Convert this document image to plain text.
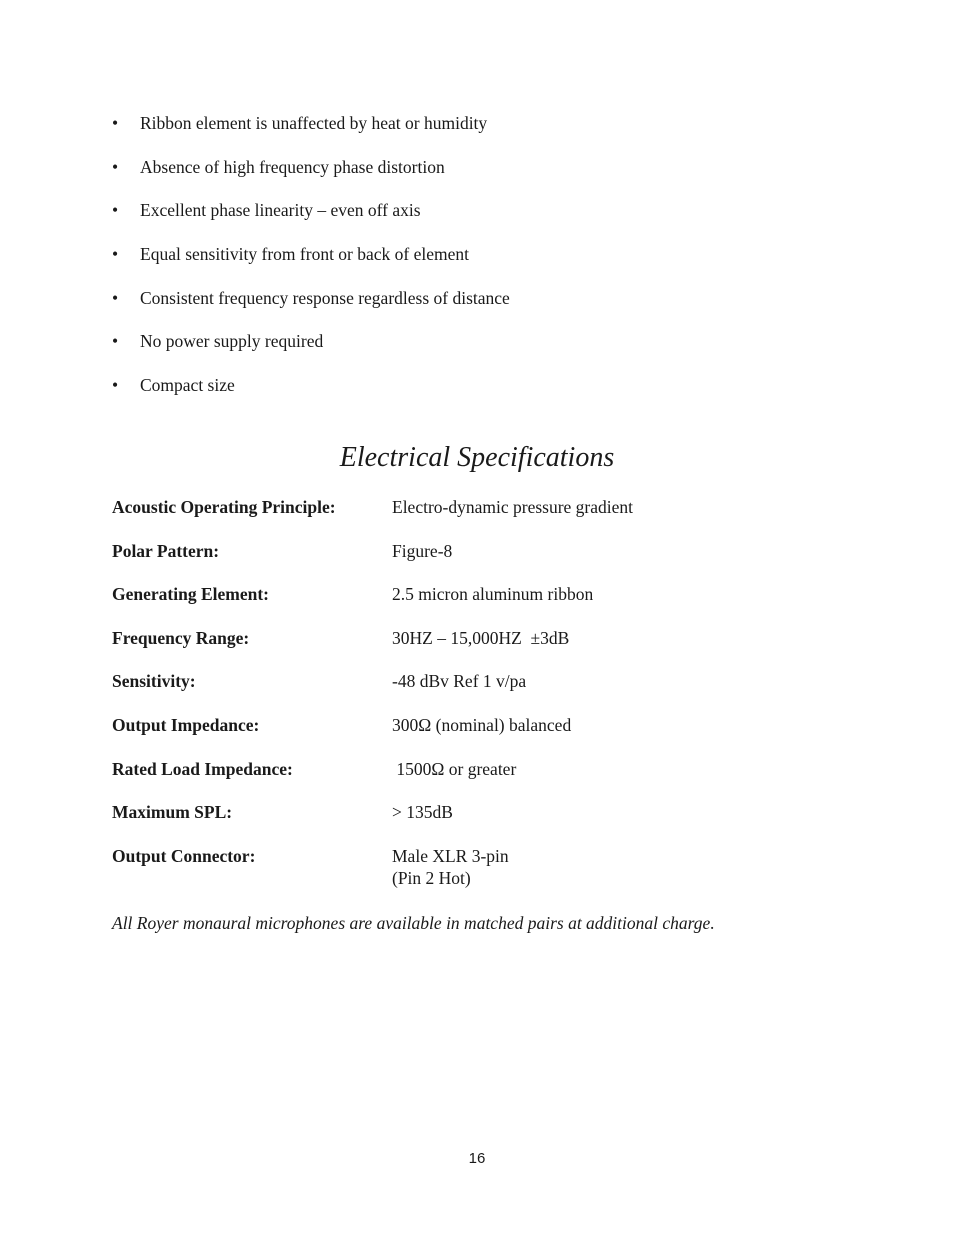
• Ribbon element is unaffected by heat or humidity
• Absence of high frequency phase distortion
• Excellent phase linearity – even off axis
• Equal sensitivity from front or back of element
• Consistent frequency response regardless of distance
• No power supply required
• Compact size
Electrical Specifications
Acoustic Operating Principle:	Electro-dynamic pressure gradient
Polar Pattern:	Figure-8
Generating Element:	2.5 micron aluminum ribbon
Frequency Range:	30HZ – 15,000HZ  ±3dB
Sensitivity:	-48 dBv Ref 1 v/pa
Output Impedance:	300Ω (nominal) balanced
Rated Load Impedance:	1500Ω or greater
Maximum SPL:	> 135dB
Output Connector:	Male XLR 3-pin
(Pin 2 Hot)
All Royer monaural microphones are available in matched pairs at additional charge.
16
